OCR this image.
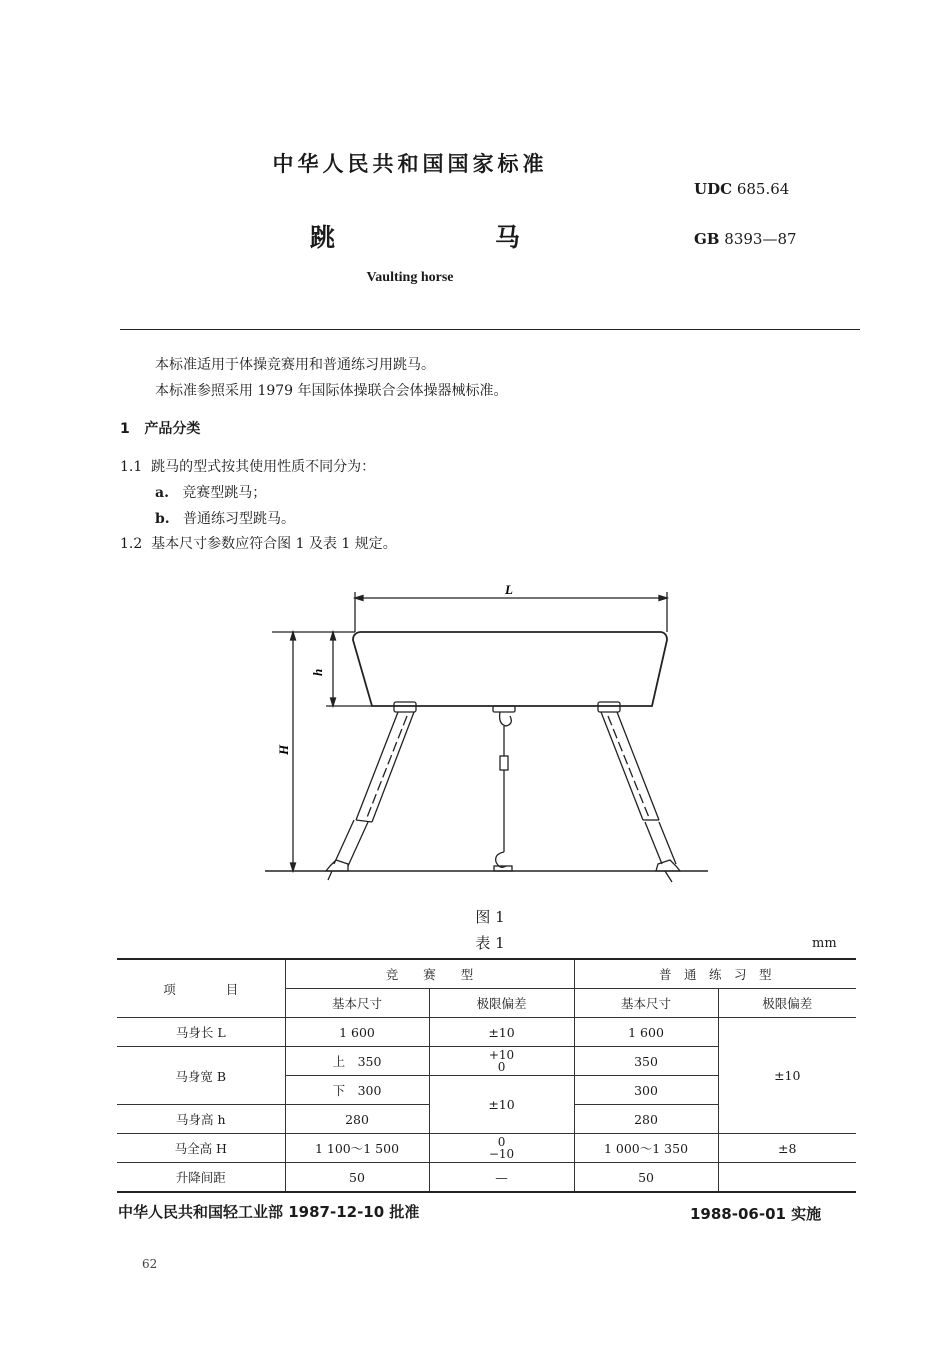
中华人民共和国国家标准
UDC 685.64
跳	马	GB 8393—87
Vaulting horse
本标准适用于体操竞赛用和普通练习用跳马。
本标准参照采用 1979 年国际体操联合会体操器械标准。
1 产品分类
1.1 跳马的型式按其使用性质不同分为：
a. 竞赛型跳马；
b. 普通练习型跳马。
1.2 基本尺寸参数应符合图 1 及表 1 规定。
L
h
H
图 1
表 1	mm
项　　　　目	竞　　赛　　型		普　通　练　习　型	
	基本尺寸	极限偏差	基本尺寸	极限偏差
马身长 L	1 600	±10	1 600	±10
马身宽 B	上　350	+10
0	350	
	下　300	±10	300	
马身高 h	280		280	
马全高 H	1 100～1 500	0
−10	1 000～1 350	±8
升降间距	50	—	50	
中华人民共和国轻工业部 1987-12-10 批准	1988-06-01 实施
62
